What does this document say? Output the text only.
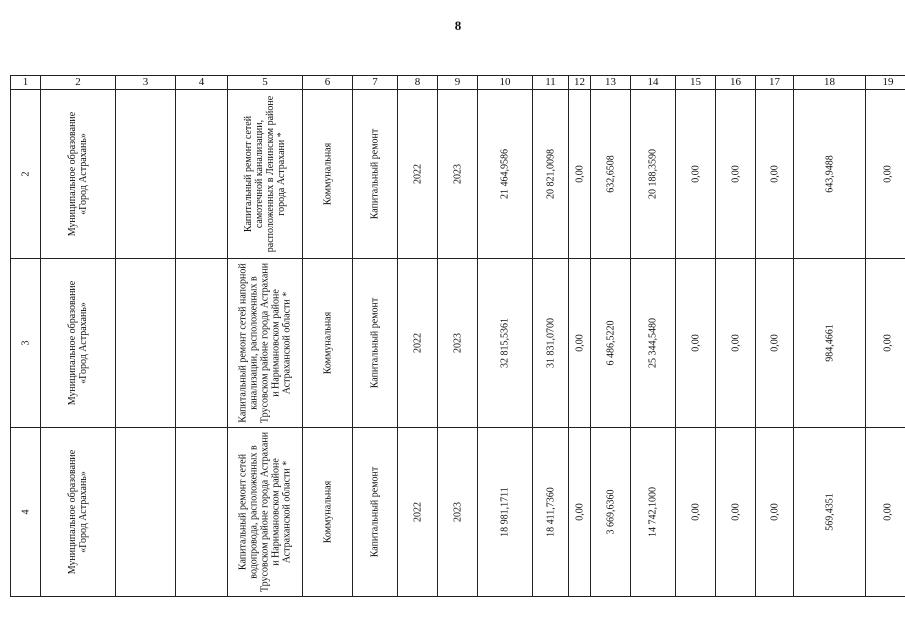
8
1	2	3	4	5	6	7	8	9	10	11	12	13	14	15	16	17	18	19

2	Муниципальное образование «Город Астрахань»			Капитальный ремонт сетей самотечной канализации, расположенных в Ленинском районе города Астрахани *	Коммунальная	Капитальный ремонт	2022	2023	21 464,9586	20 821,0098	0,00	632,6508	20 188,3590	0,00	0,00	0,00	643,9488	0,00

3	Муниципальное образование «Город Астрахань»			Капитальный ремонт сетей напорной канализации, расположенных в Трусовском районе города Астрахани и Наримановском районе Астраханской области *	Коммунальная	Капитальный ремонт	2022	2023	32 815,5361	31 831,0700	0,00	6 486,5220	25 344,5480	0,00	0,00	0,00	984,4661	0,00

4	Муниципальное образование «Город Астрахань»			Капитальный ремонт сетей водопровода, расположенных в Трусовском районе города Астрахани и Наримановском районе Астраханской области *	Коммунальная	Капитальный ремонт	2022	2023	18 981,1711	18 411,7360	0,00	3 669,6360	14 742,1000	0,00	0,00	0,00	569,4351	0,00
